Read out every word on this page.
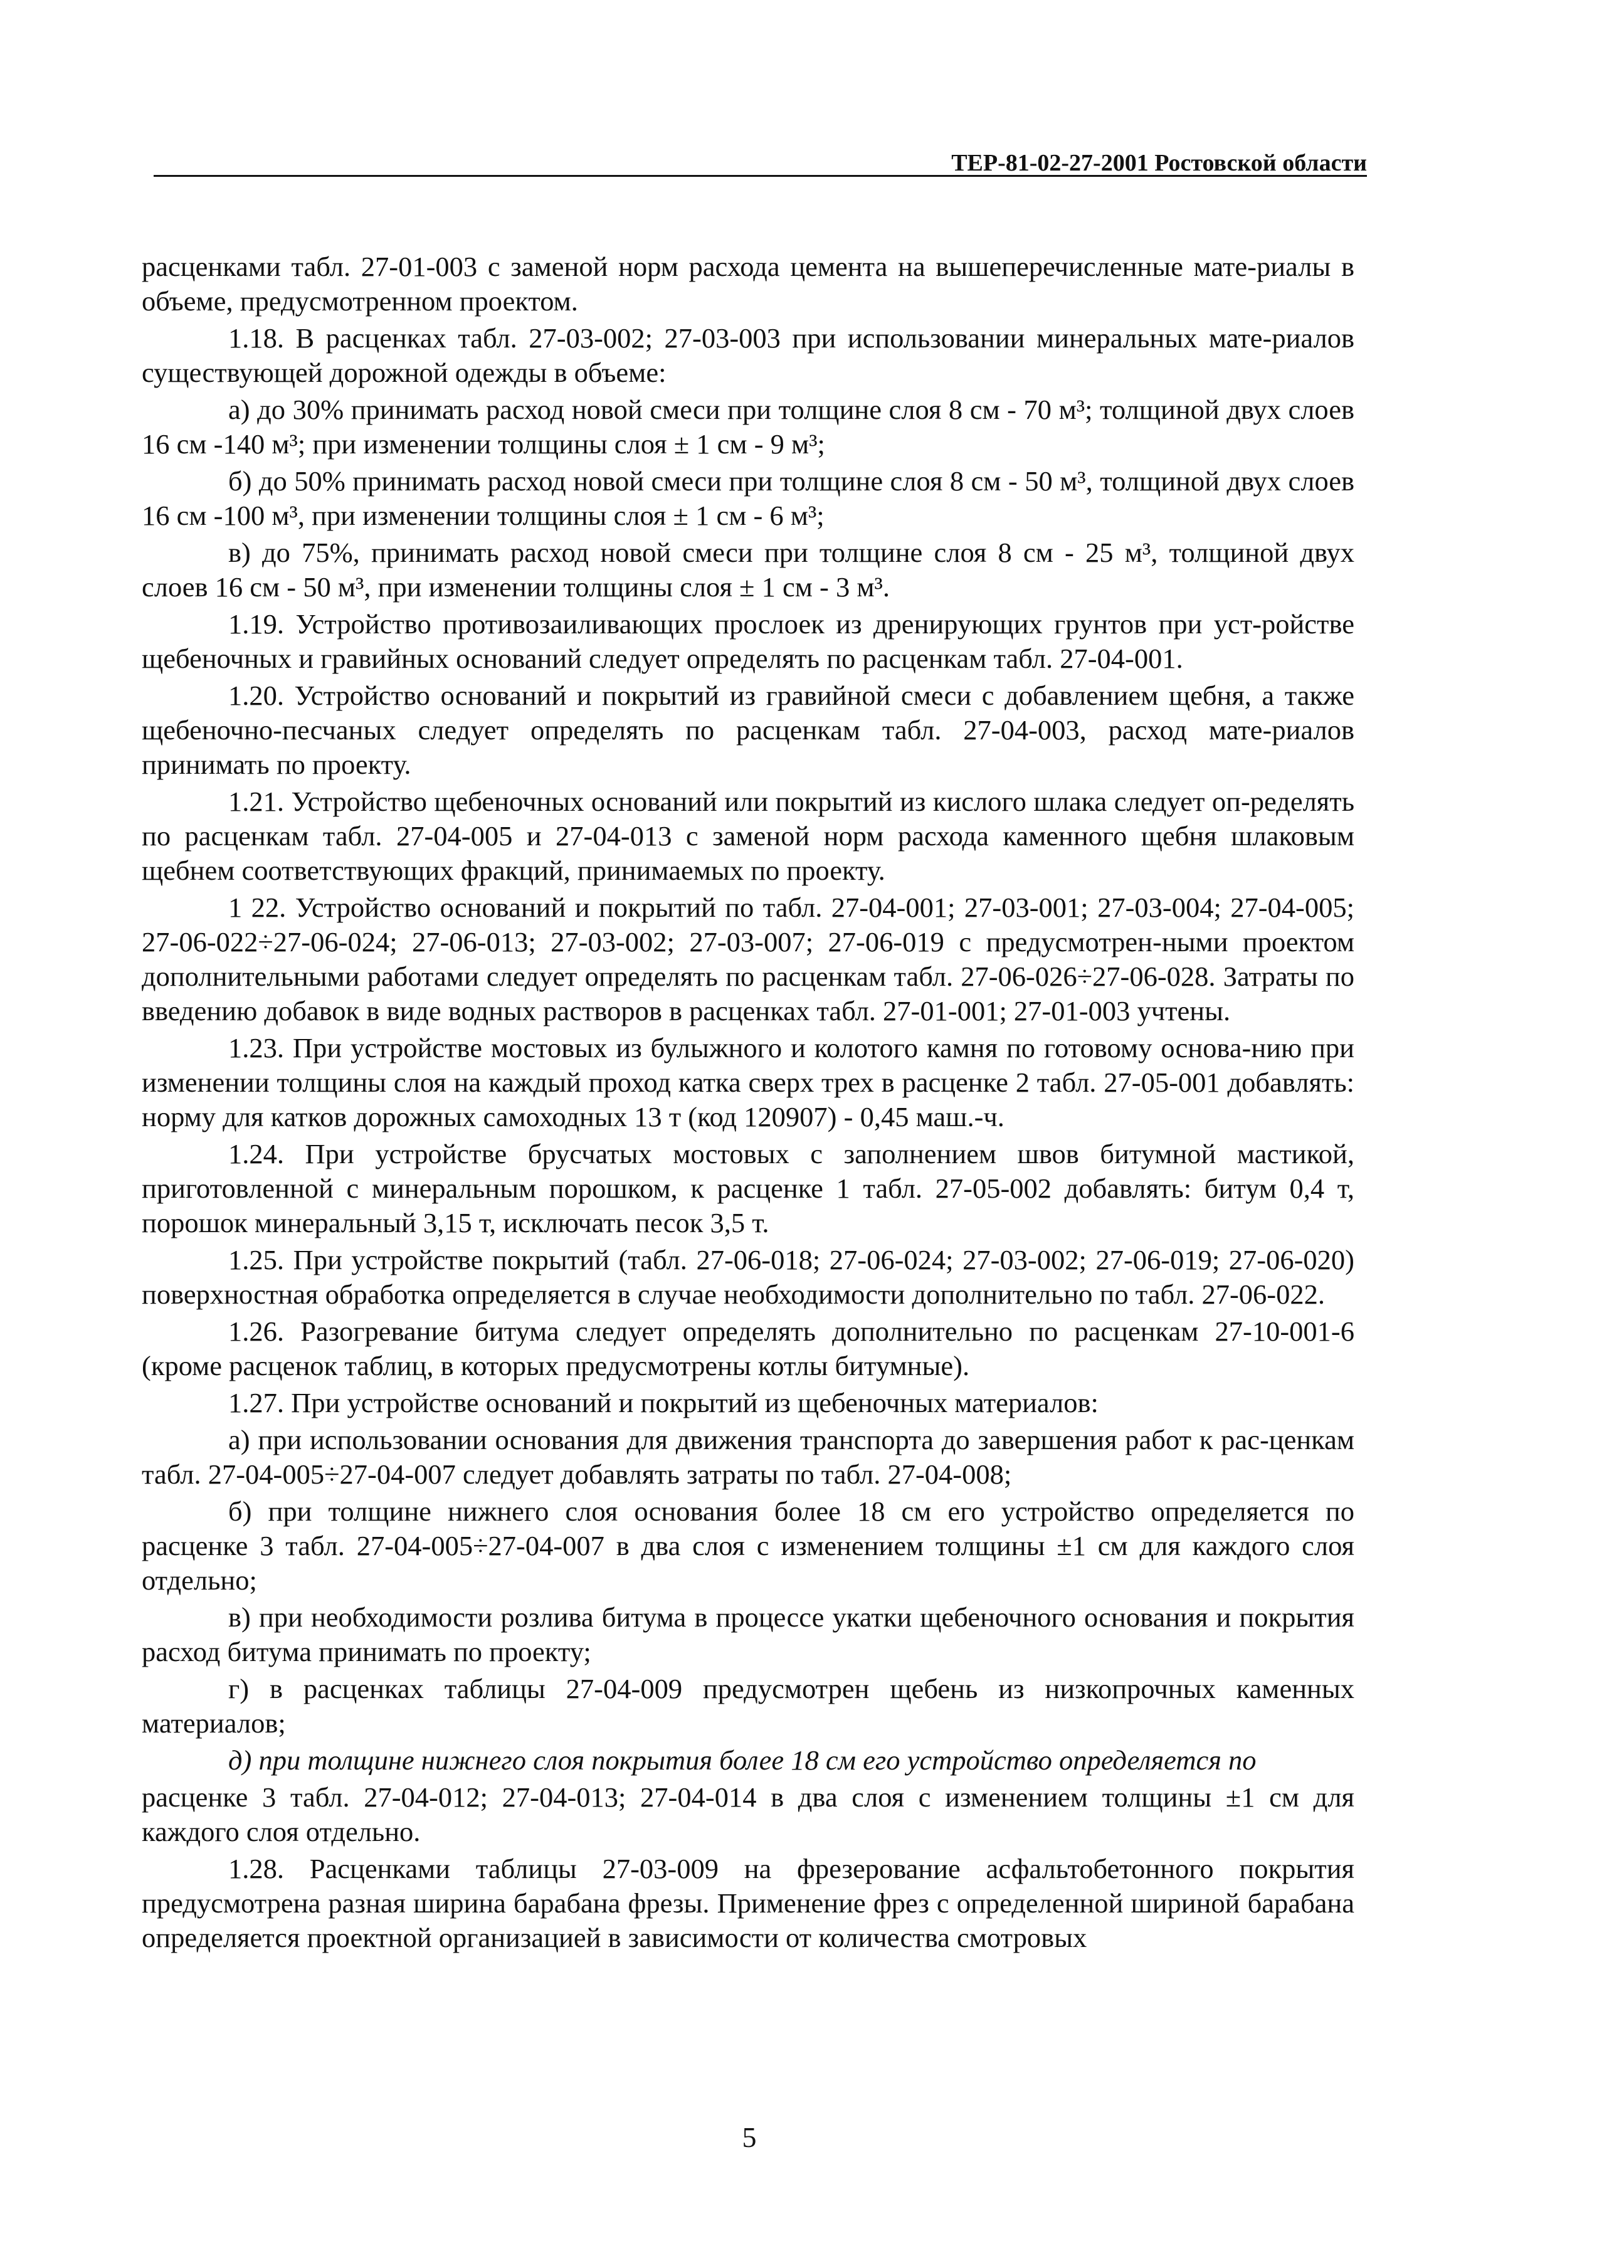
ТЕР-81-02-27-2001 Ростовской области

расценками табл. 27-01-003 с заменой норм расхода цемента на вышеперечисленные мате-риалы в объеме, предусмотренном проектом.

1.18. В расценках табл. 27-03-002; 27-03-003 при использовании минеральных мате-риалов существующей дорожной одежды в объеме:

а) до 30% принимать расход новой смеси при толщине слоя 8 см - 70 м³; толщиной двух слоев 16 см -140 м³; при изменении толщины слоя ± 1 см - 9 м³;

б) до 50% принимать расход новой смеси при толщине слоя 8 см - 50 м³, толщиной двух слоев 16 см -100 м³, при изменении толщины слоя ± 1 см - 6 м³;

в) до 75%, принимать расход новой смеси при толщине слоя 8 см - 25 м³, толщиной двух слоев 16 см - 50 м³, при изменении толщины слоя ± 1 см - 3 м³.

1.19. Устройство противозаиливающих прослоек из дренирующих грунтов при уст-ройстве щебеночных и гравийных оснований следует определять по расценкам табл. 27-04-001.

1.20. Устройство оснований и покрытий из гравийной смеси с добавлением щебня, а также щебеночно-песчаных следует определять по расценкам табл. 27-04-003, расход мате-риалов принимать по проекту.

1.21. Устройство щебеночных оснований или покрытий из кислого шлака следует оп-ределять по расценкам табл. 27-04-005 и 27-04-013 с заменой норм расхода каменного щебня шлаковым щебнем соответствующих фракций, принимаемых по проекту.

1 22. Устройство оснований и покрытий по табл. 27-04-001; 27-03-001; 27-03-004; 27-04-005; 27-06-022÷27-06-024; 27-06-013; 27-03-002; 27-03-007; 27-06-019 с предусмотрен-ными проектом дополнительными работами следует определять по расценкам табл. 27-06-026÷27-06-028. Затраты по введению добавок в виде водных растворов в расценках табл. 27-01-001; 27-01-003 учтены.

1.23. При устройстве мостовых из булыжного и колотого камня по готовому основа-нию при изменении толщины слоя на каждый проход катка сверх трех в расценке 2 табл. 27-05-001 добавлять: норму для катков дорожных самоходных 13 т (код 120907) - 0,45 маш.-ч.

1.24. При устройстве брусчатых мостовых с заполнением швов битумной мастикой, приготовленной с минеральным порошком, к расценке 1 табл. 27-05-002 добавлять: битум 0,4 т, порошок минеральный 3,15 т, исключать песок 3,5 т.

1.25. При устройстве покрытий (табл. 27-06-018; 27-06-024; 27-03-002; 27-06-019; 27-06-020) поверхностная обработка определяется в случае необходимости дополнительно по табл. 27-06-022.

1.26. Разогревание битума следует определять дополнительно по расценкам 27-10-001-6 (кроме расценок таблиц, в которых предусмотрены котлы битумные).

1.27. При устройстве оснований и покрытий из щебеночных материалов:

а) при использовании основания для движения транспорта до завершения работ к рас-ценкам табл. 27-04-005÷27-04-007 следует добавлять затраты по табл. 27-04-008;

б) при толщине нижнего слоя основания более 18 см его устройство определяется по расценке 3 табл. 27-04-005÷27-04-007 в два слоя с изменением толщины ±1 см для каждого слоя отдельно;

в) при необходимости розлива битума в процессе укатки щебеночного основания и покрытия расход битума принимать по проекту;

г) в расценках таблицы 27-04-009 предусмотрен щебень из низкопрочных каменных материалов;

д) при толщине нижнего слоя покрытия более 18 см его устройство определяется по

расценке 3 табл. 27-04-012; 27-04-013; 27-04-014 в два слоя с изменением толщины ±1 см для каждого слоя отдельно.

1.28. Расценками таблицы 27-03-009 на фрезерование асфальтобетонного покрытия предусмотрена разная ширина барабана фрезы. Применение фрез с определенной шириной барабана определяется проектной организацией в зависимости от количества смотровых

5
